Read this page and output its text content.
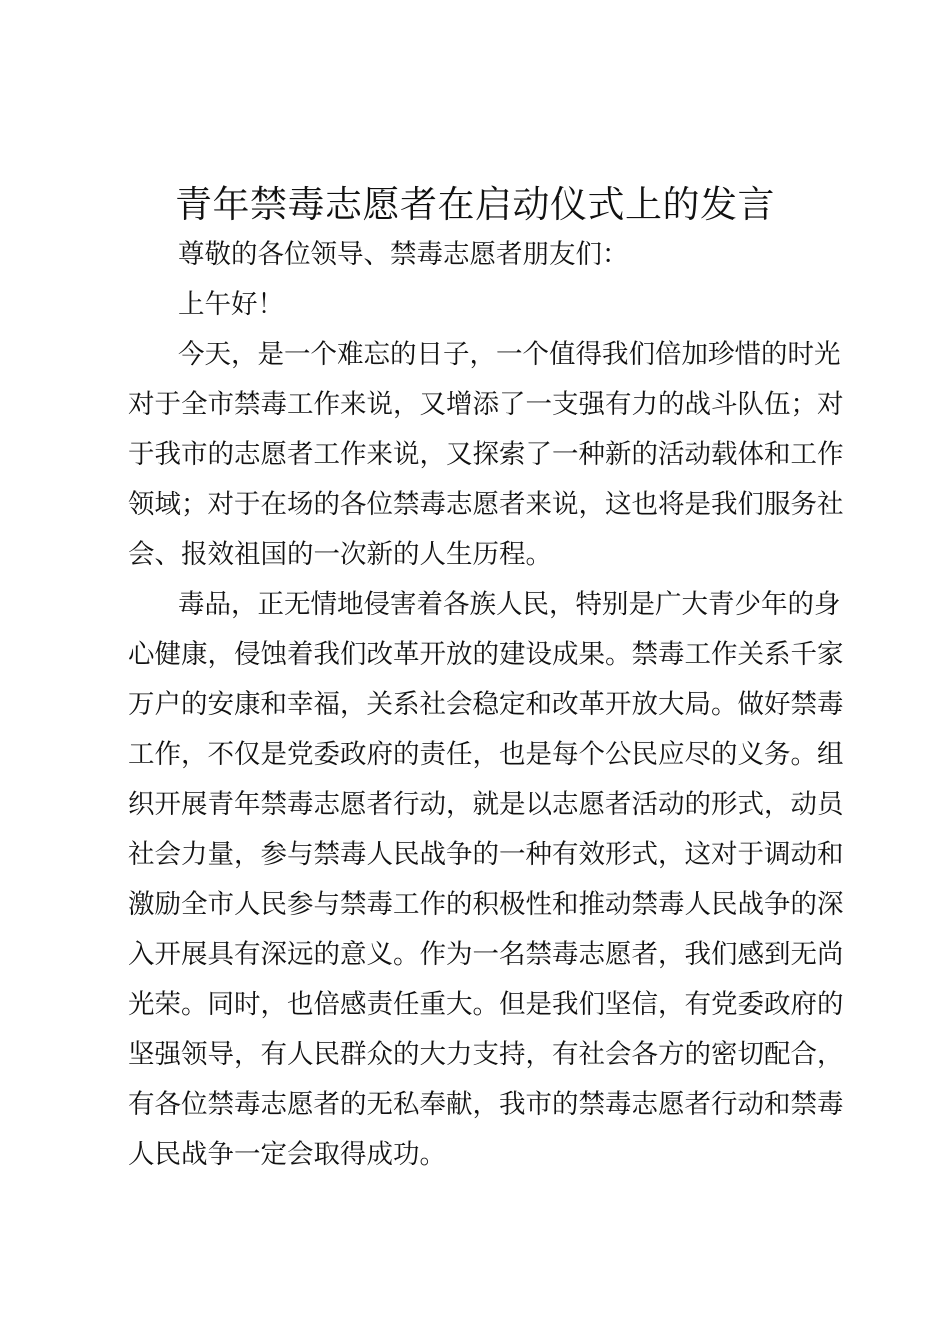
青年禁毒志愿者在启动仪式上的发言
尊敬的各位领导、禁毒志愿者朋友们：
上午好！
今天，是一个难忘的日子，一个值得我们倍加珍惜的时光
对于全市禁毒工作来说，又增添了一支强有力的战斗队伍；对
于我市的志愿者工作来说，又探索了一种新的活动载体和工作
领域；对于在场的各位禁毒志愿者来说，这也将是我们服务社
会、报效祖国的一次新的人生历程。
毒品，正无情地侵害着各族人民，特别是广大青少年的身
心健康，侵蚀着我们改革开放的建设成果。禁毒工作关系千家
万户的安康和幸福，关系社会稳定和改革开放大局。做好禁毒
工作，不仅是党委政府的责任，也是每个公民应尽的义务。组
织开展青年禁毒志愿者行动，就是以志愿者活动的形式，动员
社会力量，参与禁毒人民战争的一种有效形式，这对于调动和
激励全市人民参与禁毒工作的积极性和推动禁毒人民战争的深
入开展具有深远的意义。作为一名禁毒志愿者，我们感到无尚
光荣。同时，也倍感责任重大。但是我们坚信，有党委政府的
坚强领导，有人民群众的大力支持，有社会各方的密切配合，
有各位禁毒志愿者的无私奉献，我市的禁毒志愿者行动和禁毒
人民战争一定会取得成功。
